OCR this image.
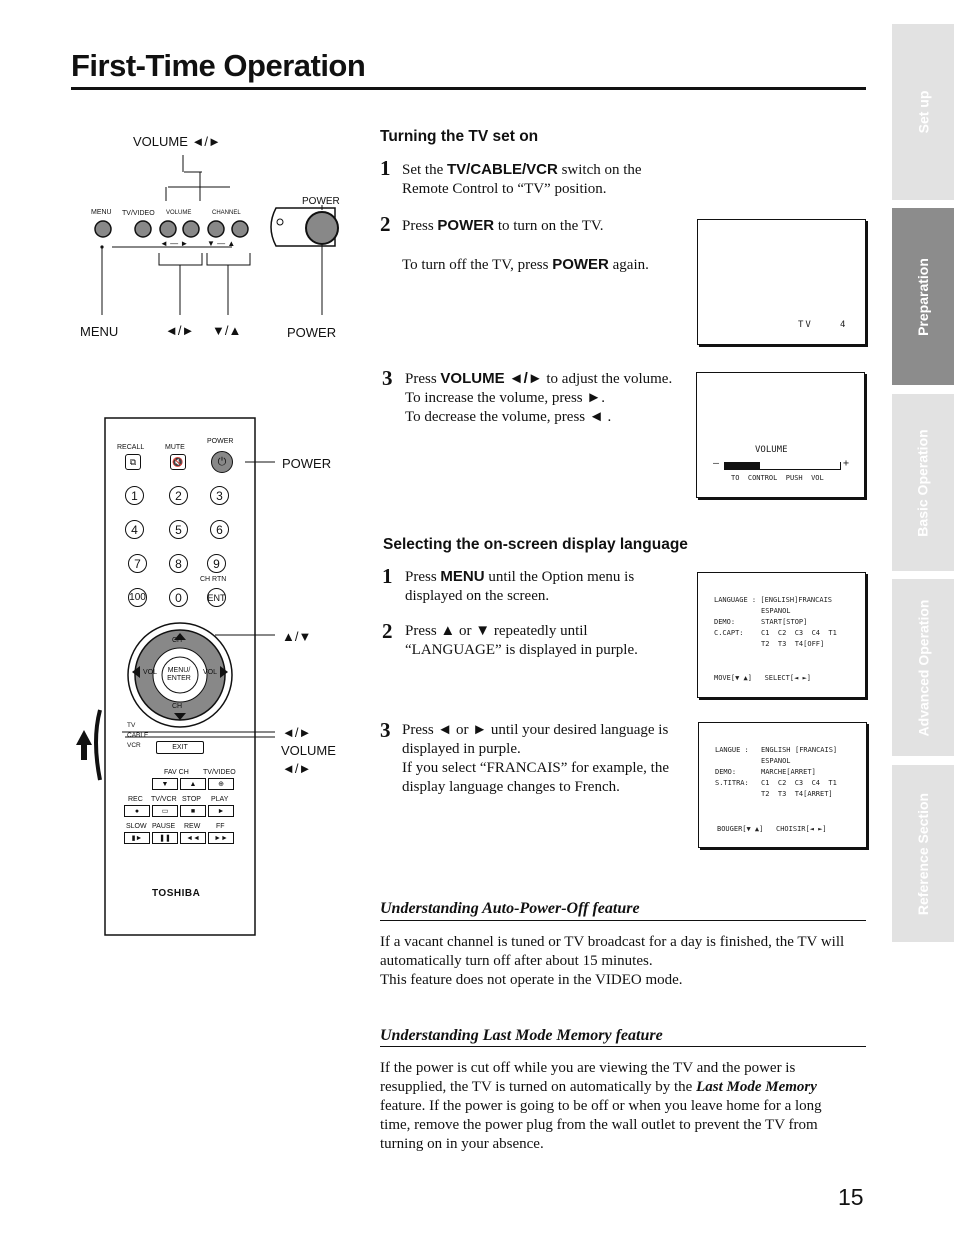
First-Time Operation
Set up
Preparation
Basic Operation
Advanced Operation
Reference Section
VOLUME ◄/►
MENU TV/VIDEO VOLUME	CHANNEL
POWER
◄ — ► ▼ — ▲
MENU	◄/► ▼/▲	POWER
RECALL	MUTE
POWER
⧉	🔇	⏻
1	2	3
4	5	6
7	8	9
CH RTN
100	0	ENT
CH
CH
VOL	VOL
MENU/
ENTER
TV
CABLE
VCR	EXIT
FAV CH TV/VIDEO
▼	▲	⊕
REC TV/VCR STOP PLAY
●	▭	■	►
SLOW PAUSE REW FF
▮► ❚❚ ◄◄ ►►
TOSHIBA
POWER
▲/▼
◄/►
VOLUME
◄/►
Turning the TV set on
1 Set the TV/CABLE/VCR switch on the
Remote Control to “TV” position.
2 Press POWER to turn on the TV.
To turn off the TV, press POWER again.
3 Press VOLUME ◄/► to adjust the volume.
To increase the volume, press ►.
To decrease the volume, press ◄ .
TV	4
VOLUME
–	+
TO  CONTROL  PUSH  VOL
Selecting the on-screen display language
1 Press MENU until the Option menu is
displayed on the screen.
2 Press ▲ or ▼ repeatedly until
“LANGUAGE” is displayed in purple.
3 Press ◄ or ► until your desired language is
displayed in purple.
If you select “FRANCAIS” for example, the
display language changes to French.
LANGUAGE : [ENGLISH]FRANCAIS
ESPANOL
DEMO:	START[STOP]
C.CAPT: C1  C2  C3  C4  T1
T2  T3  T4[OFF]
MOVE[▼ ▲]   SELECT[◄ ►]
LANGUE : ENGLISH [FRANCAIS]
ESPANOL
DEMO:	MARCHE[ARRET]
S.TITRA: C1  C2  C3  C4  T1
T2  T3  T4[ARRET]
BOUGER[▼ ▲]   CHOISIR[◄ ►]
Understanding Auto-Power-Off feature
If a vacant channel is tuned or TV broadcast for a day is finished, the TV will
automatically turn off after about 15 minutes.
This feature does not operate in the VIDEO mode.
Understanding Last Mode Memory feature
If the power is cut off while you are viewing the TV and the power is
resupplied, the TV is turned on automatically by the Last Mode Memory
feature. If the power is going to be off or when you leave home for a long
time, remove the power plug from the wall outlet to prevent the TV from
turning on in your absence.
15
